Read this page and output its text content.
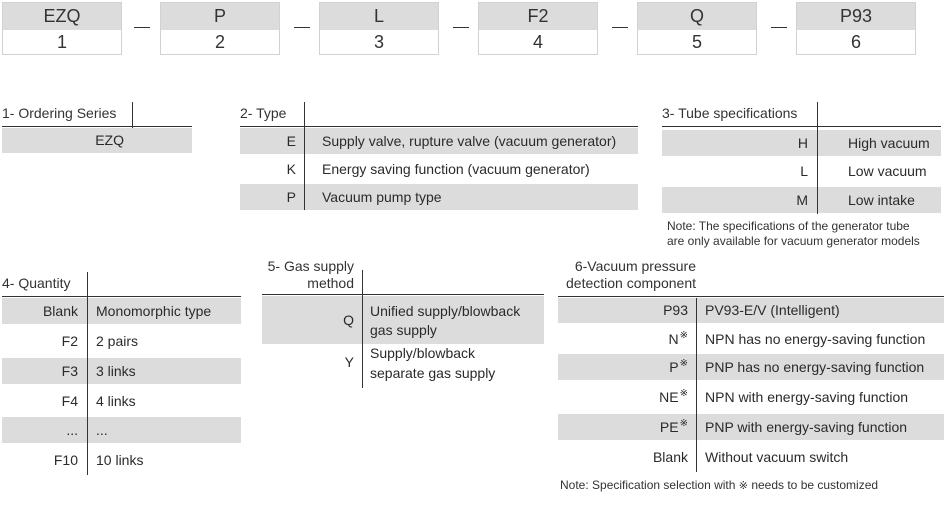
EZQ
1
P
2
L
3
F2
4
Q
5
P93
6
1- Ordering Series
EZQ
2- Type
E Supply valve, rupture valve (vacuum generator)
K Energy saving function (vacuum generator)
P Vacuum pump type
3- Tube specifications
H	High vacuum
L	Low vacuum
M	Low intake
Note: The specifications of the generator tube
are only available for vacuum generator models
4- Quantity
Blank Monomorphic type
F2 2 pairs
F3 3 links
F4 4 links
... ...
F10 10 links
5- Gas supply
method
Q
Unified supply/blowback
gas supply
Y
Supply/blowback
separate gas supply
6-Vacuum pressure
detection component
P93 PV93-E/V (Intelligent)
N※ NPN has no energy-saving function
P※ PNP has no energy-saving function
NE※ NPN with energy-saving function
PE※ PNP with energy-saving function
Blank Without vacuum switch
Note: Specification selection with ※ needs to be customized
